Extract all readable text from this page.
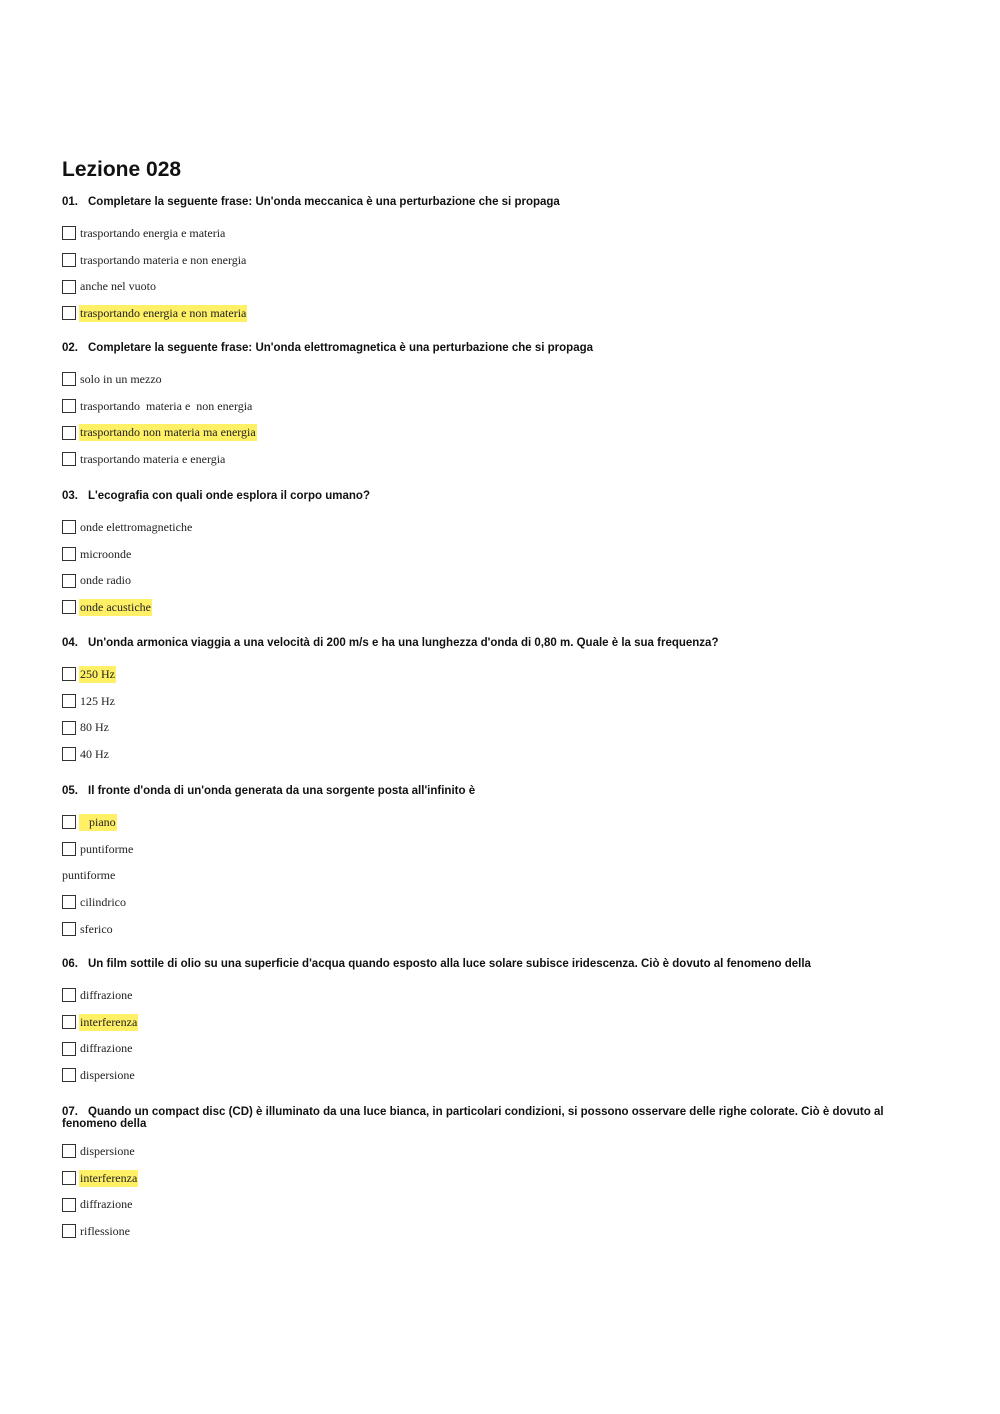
Lezione 028
01. Completare la seguente frase: Un'onda meccanica è una perturbazione che si propaga
trasportando energia e materia
trasportando materia e non energia
anche nel vuoto
trasportando energia e non materia
02. Completare la seguente frase: Un'onda elettromagnetica è una perturbazione che si propaga
solo in un mezzo
trasportando  materia e  non energia
trasportando non materia ma energia
trasportando materia e energia
03. L'ecografia con quali onde esplora il corpo umano?
onde elettromagnetiche
microonde
onde radio
onde acustiche
04. Un'onda armonica viaggia a una velocità di 200 m/s e ha una lunghezza d'onda di 0,80 m. Quale è la sua frequenza?
250 Hz
125 Hz
80 Hz
40 Hz
05. Il fronte d'onda di un'onda generata da una sorgente posta all'infinito è
piano
puntiforme
puntiforme
cilindrico
sferico
06. Un film sottile di olio su una superficie d'acqua quando esposto alla luce solare subisce iridescenza. Ciò è dovuto al fenomeno della
diffrazione
interferenza
diffrazione
dispersione
07. Quando un compact disc (CD) è illuminato da una luce bianca, in particolari condizioni, si possono osservare delle righe colorate. Ciò è dovuto al fenomeno della
dispersione
interferenza
diffrazione
riflessione
